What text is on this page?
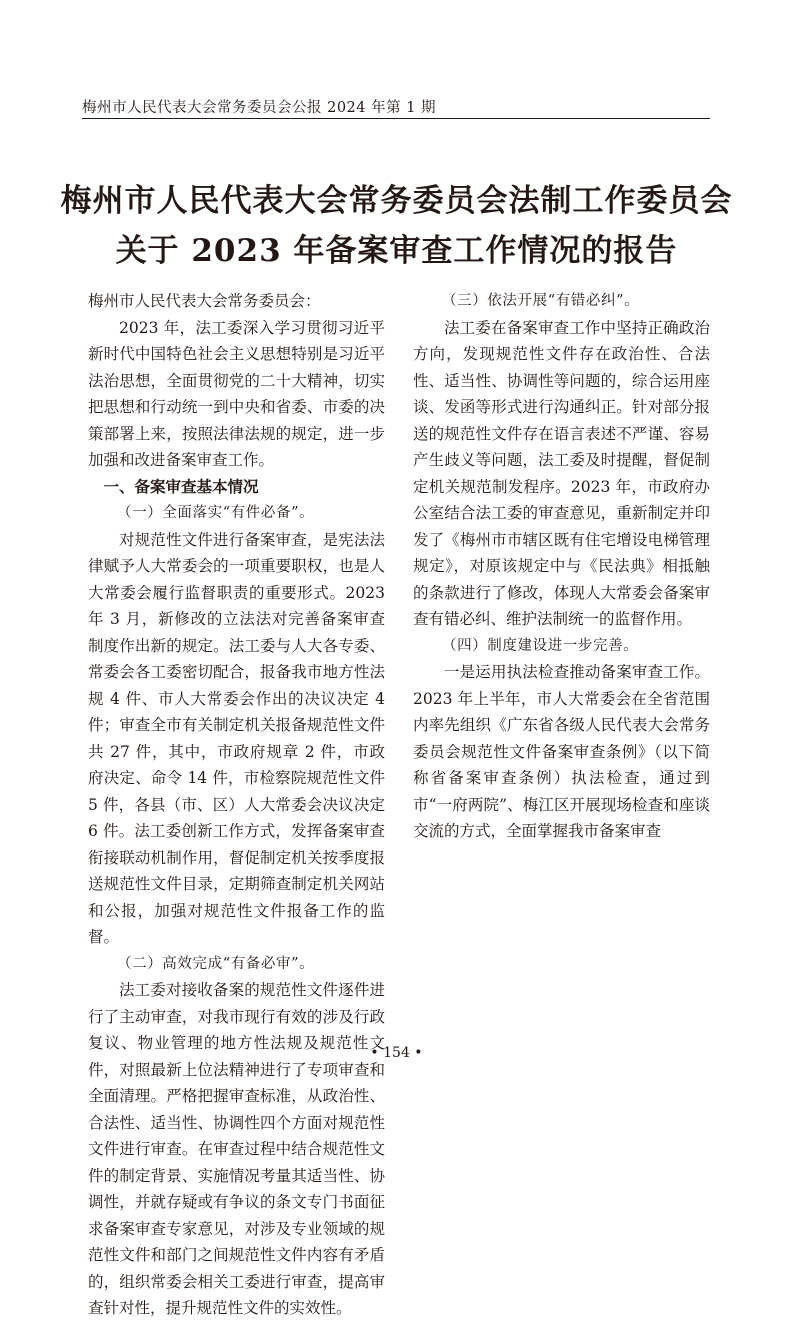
梅州市人民代表大会常务委员会公报 2024 年第 1 期
梅州市人民代表大会常务委员会法制工作委员会
关于 2023 年备案审查工作情况的报告

梅州市人民代表大会常务委员会：

2023 年，法工委深入学习贯彻习近平新时代中国特色社会主义思想特别是习近平法治思想，全面贯彻党的二十大精神，切实把思想和行动统一到中央和省委、市委的决策部署上来，按照法律法规的规定，进一步加强和改进备案审查工作。

一、备案审查基本情况

（一）全面落实“有件必备”。

对规范性文件进行备案审查，是宪法法律赋予人大常委会的一项重要职权，也是人大常委会履行监督职责的重要形式。2023 年 3 月，新修改的立法法对完善备案审查制度作出新的规定。法工委与人大各专委、常委会各工委密切配合，报备我市地方性法规 4 件、市人大常委会作出的决议决定 4 件；审查全市有关制定机关报备规范性文件共 27 件，其中，市政府规章 2 件，市政府决定、命令 14 件，市检察院规范性文件 5 件，各县（市、区）人大常委会决议决定 6 件。法工委创新工作方式，发挥备案审查衔接联动机制作用，督促制定机关按季度报送规范性文件目录，定期筛查制定机关网站和公报，加强对规范性文件报备工作的监督。

（二）高效完成“有备必审”。

法工委对接收备案的规范性文件逐件进行了主动审查，对我市现行有效的涉及行政复议、物业管理的地方性法规及规范性文件，对照最新上位法精神进行了专项审查和全面清理。严格把握审查标准，从政治性、合法性、适当性、协调性四个方面对规范性文件进行审查。在审查过程中结合规范性文件的制定背景、实施情况考量其适当性、协调性，并就存疑或有争议的条文专门书面征求备案审查专家意见，对涉及专业领域的规范性文件和部门之间规范性文件内容有矛盾的，组织常委会相关工委进行审查，提高审查针对性，提升规范性文件的实效性。

（三）依法开展“有错必纠”。

法工委在备案审查工作中坚持正确政治方向，发现规范性文件存在政治性、合法性、适当性、协调性等问题的，综合运用座谈、发函等形式进行沟通纠正。针对部分报送的规范性文件存在语言表述不严谨、容易产生歧义等问题，法工委及时提醒，督促制定机关规范制发程序。2023 年，市政府办公室结合法工委的审查意见，重新制定并印发了《梅州市市辖区既有住宅增设电梯管理规定》，对原该规定中与《民法典》相抵触的条款进行了修改，体现人大常委会备案审查有错必纠、维护法制统一的监督作用。

（四）制度建设进一步完善。

一是运用执法检查推动备案审查工作。2023 年上半年，市人大常委会在全省范围内率先组织《广东省各级人民代表大会常务委员会规范性文件备案审查条例》（以下简称省备案审查条例）执法检查，通过到市“一府两院”、梅江区开展现场检查和座谈交流的方式，全面掌握我市备案审查

• 154 •
